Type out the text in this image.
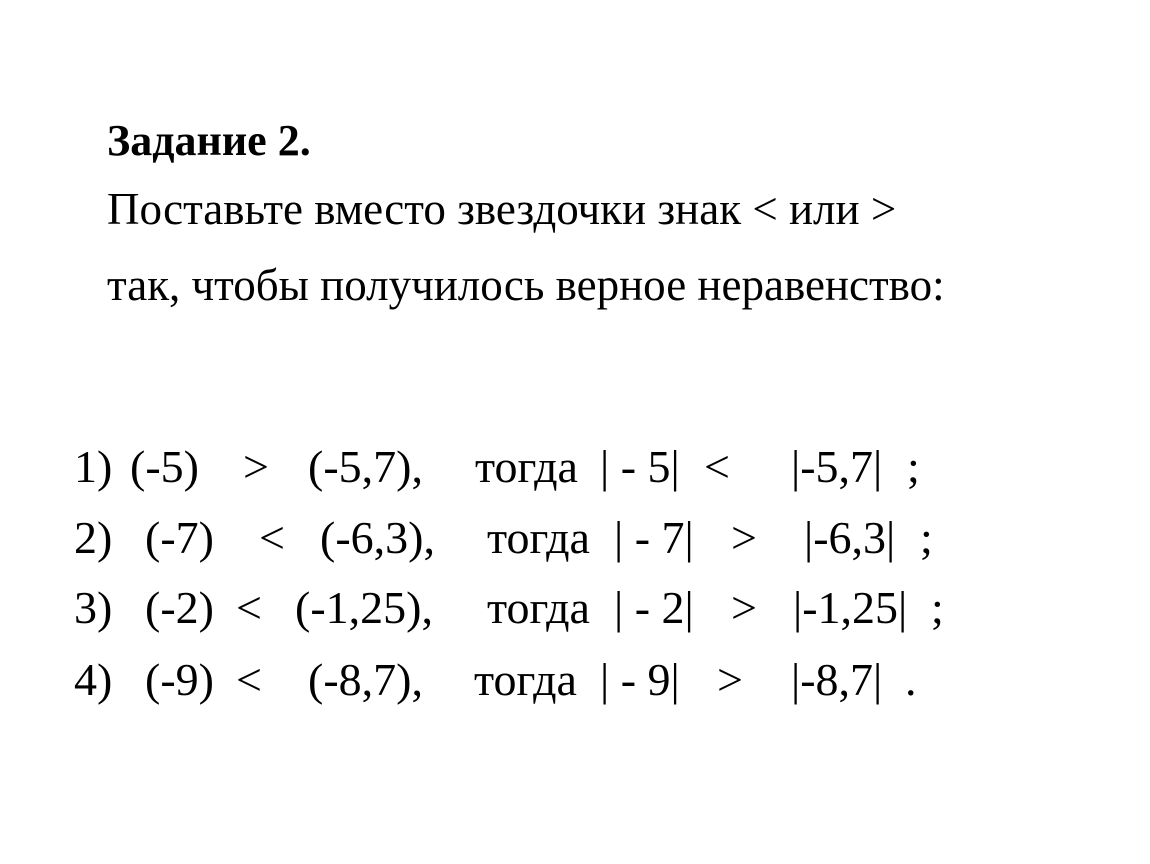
Задание 2.
Поставьте вместо звездочки знак < или >
так, чтобы получилось верное неравенство:
1) (-5) > (-5,7), тогда | - 5| < |-5,7| ;
2) (-7) < (-6,3), тогда | - 7| > |-6,3| ;
3) (-2) < (-1,25), тогда | - 2| > |-1,25| ;
4) (-9) < (-8,7), тогда | - 9| > |-8,7| .
